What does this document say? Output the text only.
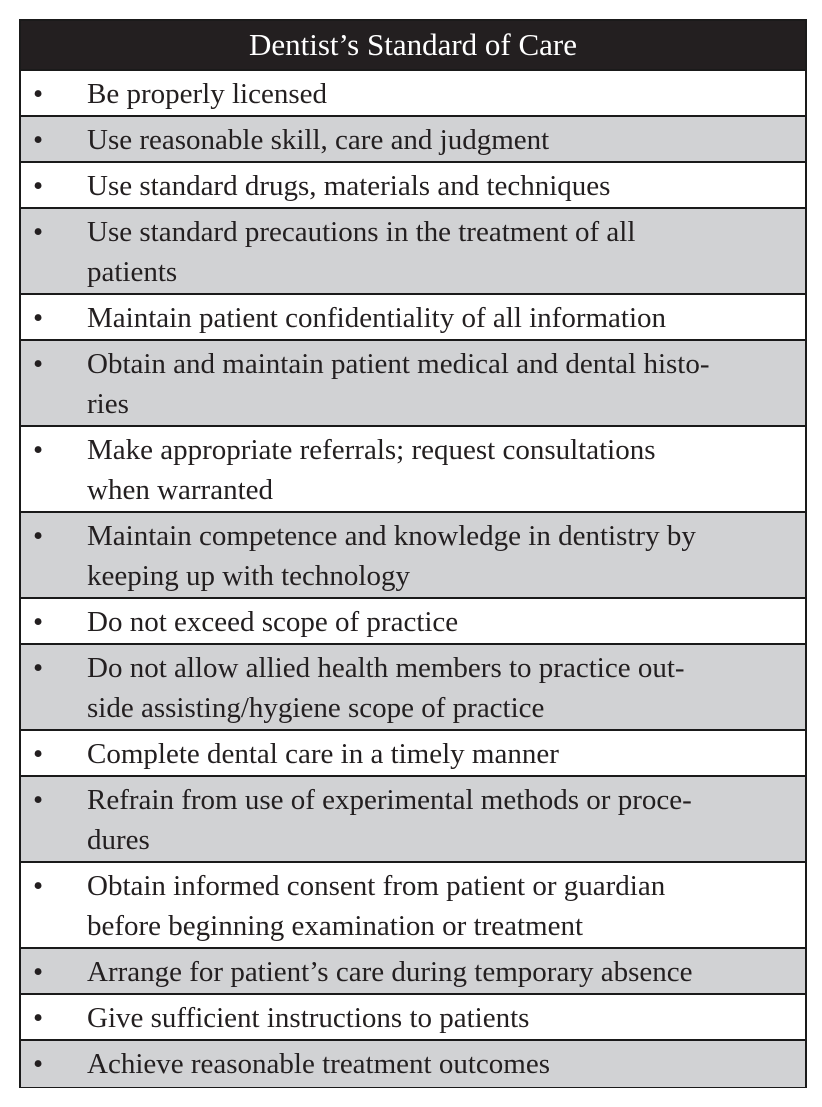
Dentist’s Standard of Care
•	Be properly licensed
•	Use reasonable skill, care and judgment
•	Use standard drugs, materials and techniques
•	Use standard precautions in the treatment of all
patients
•	Maintain patient confidentiality of all information
•	Obtain and maintain patient medical and dental histo-
ries
•	Make appropriate referrals; request consultations
when warranted
•	Maintain competence and knowledge in dentistry by
keeping up with technology
•	Do not exceed scope of practice
•	Do not allow allied health members to practice out-
side assisting/hygiene scope of practice
•	Complete dental care in a timely manner
•	Refrain from use of experimental methods or proce-
dures
•	Obtain informed consent from patient or guardian
before beginning examination or treatment
•	Arrange for patient’s care during temporary absence
•	Give sufficient instructions to patients
•	Achieve reasonable treatment outcomes
